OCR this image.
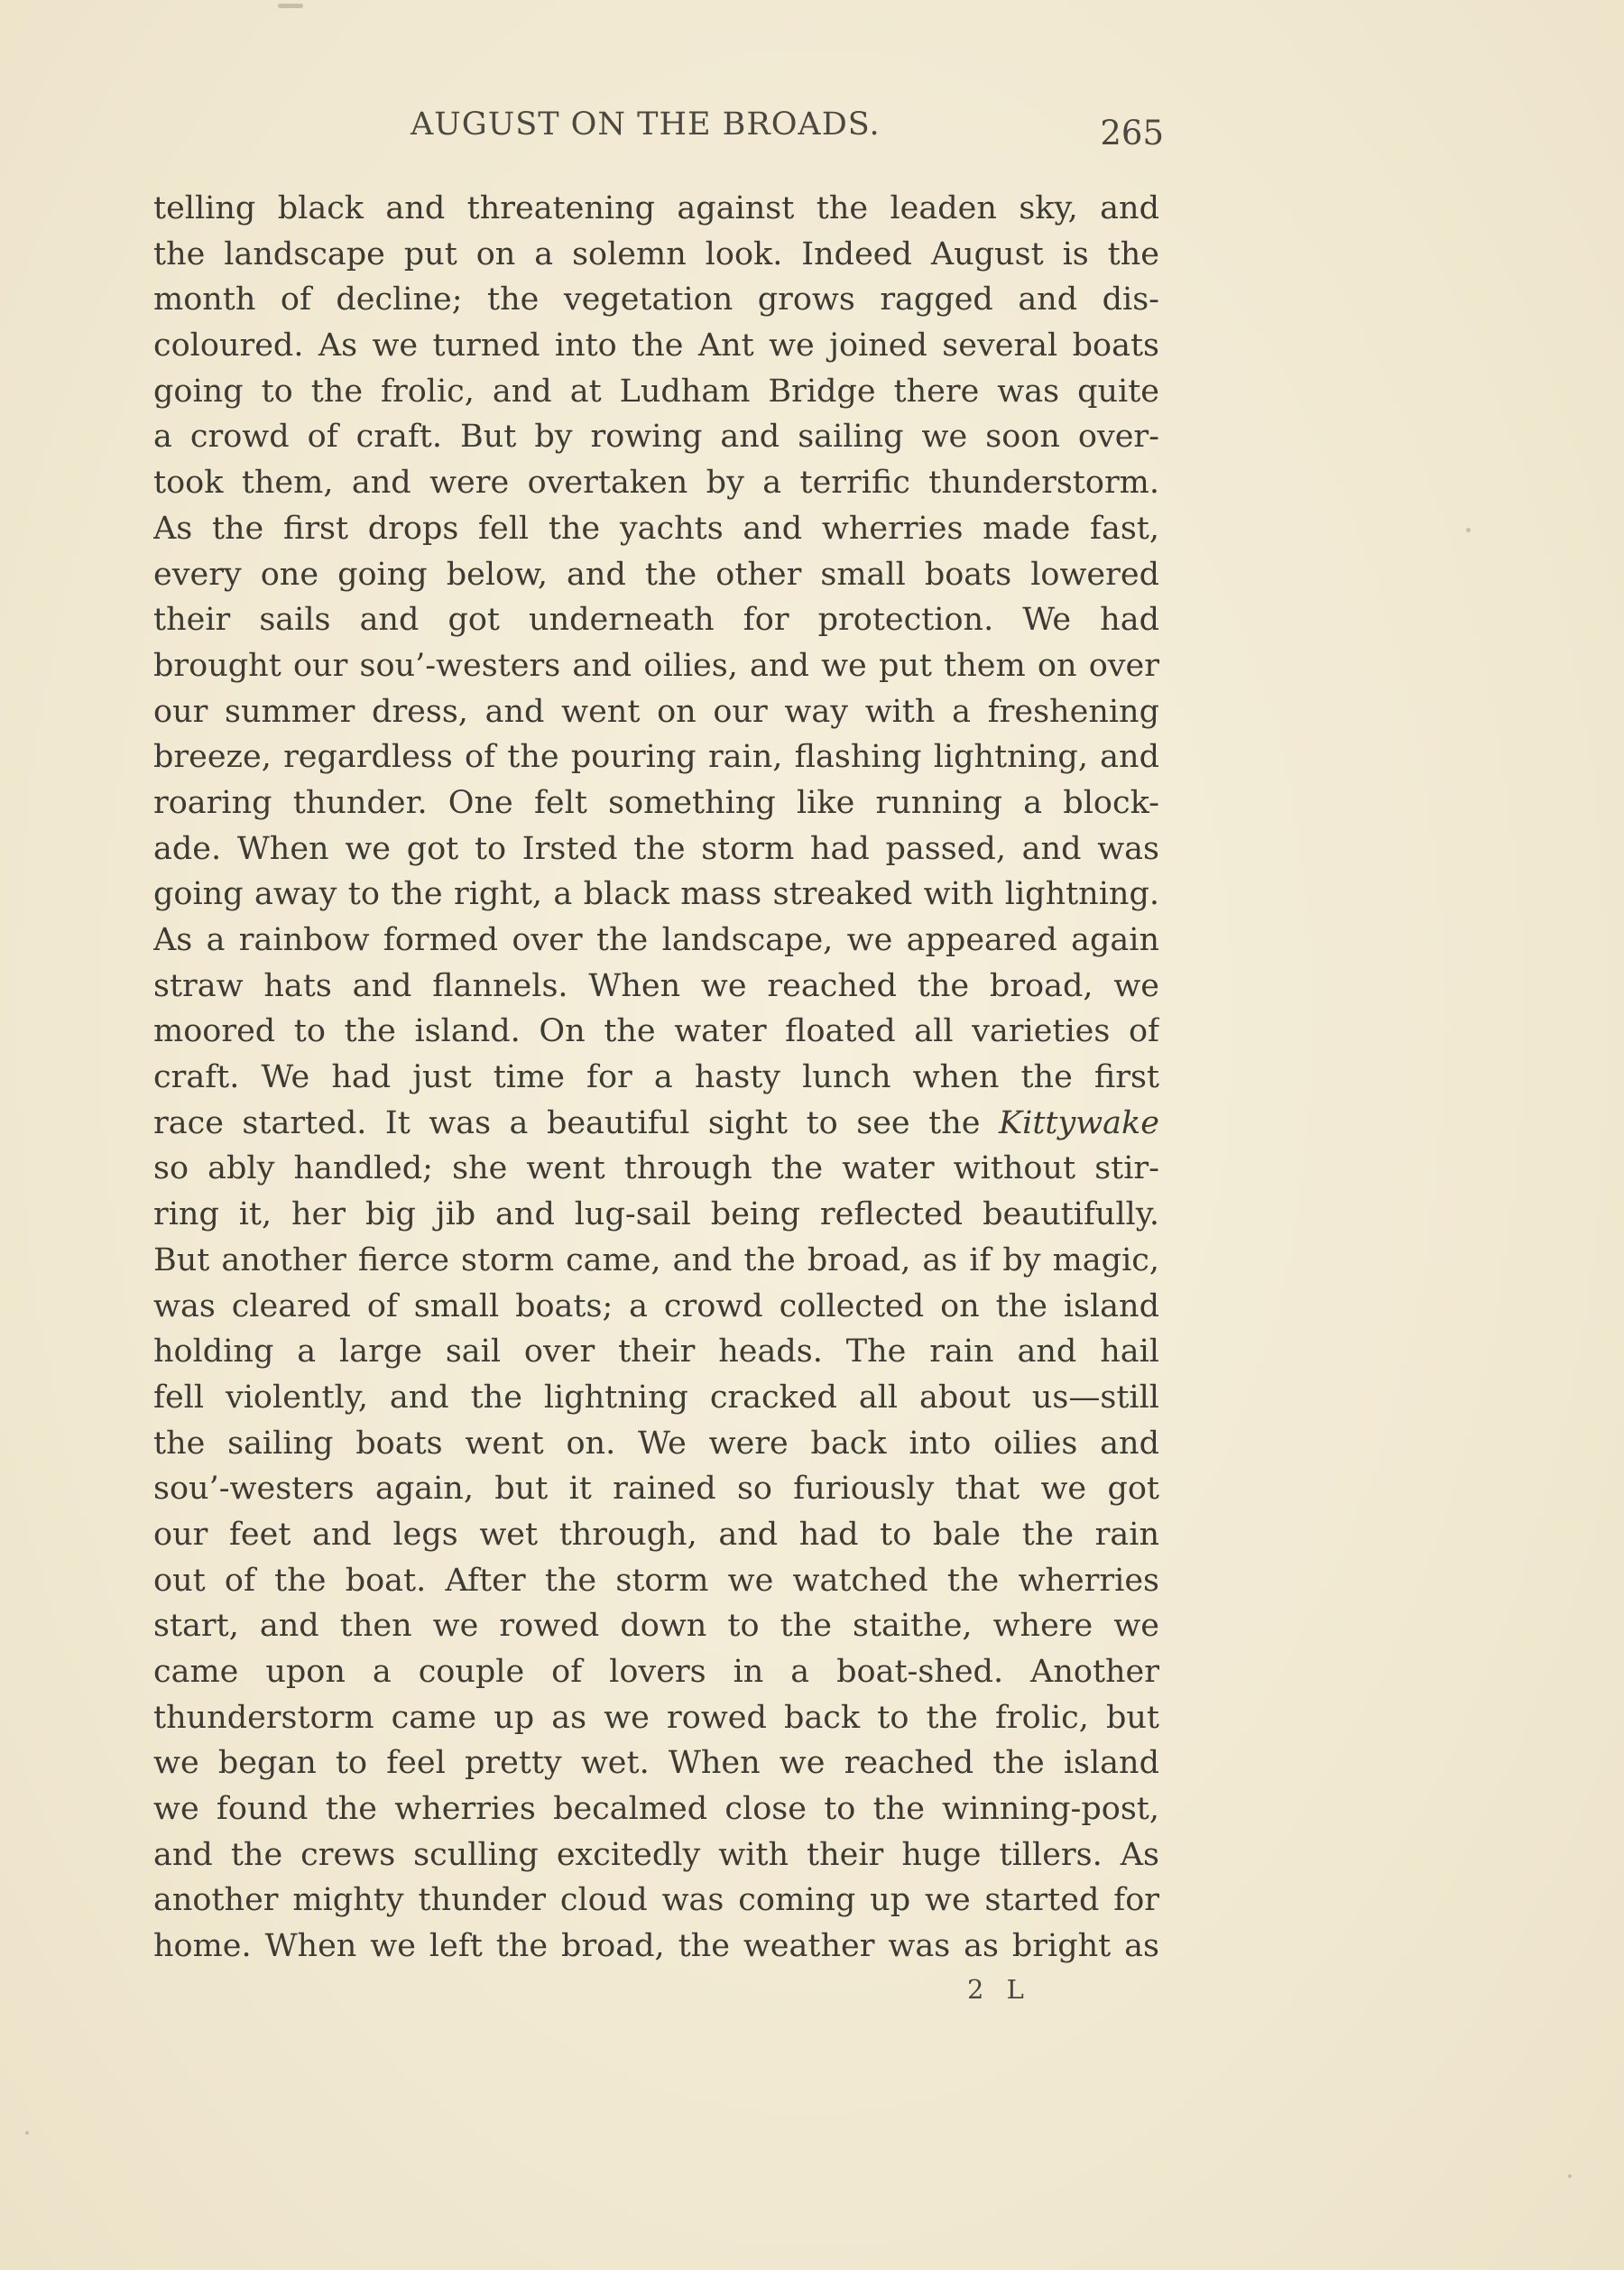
AUGUST ON THE BROADS.	265
telling black and threatening against the leaden sky, and
the landscape put on a solemn look. Indeed August is the
month of decline; the vegetation grows ragged and dis-
coloured. As we turned into the Ant we joined several boats
going to the frolic, and at Ludham Bridge there was quite
a crowd of craft. But by rowing and sailing we soon over-
took them, and were overtaken by a terrific thunderstorm.
As the first drops fell the yachts and wherries made fast,
every one going below, and the other small boats lowered
their sails and got underneath for protection. We had
brought our sou’-westers and oilies, and we put them on over
our summer dress, and went on our way with a freshening
breeze, regardless of the pouring rain, flashing lightning, and
roaring thunder. One felt something like running a block-
ade. When we got to Irsted the storm had passed, and was
going away to the right, a black mass streaked with lightning.
As a rainbow formed over the landscape, we appeared again
straw hats and flannels. When we reached the broad, we
moored to the island. On the water floated all varieties of
craft. We had just time for a hasty lunch when the first
race started. It was a beautiful sight to see the Kittywake
so ably handled; she went through the water without stir-
ring it, her big jib and lug-sail being reflected beautifully.
But another fierce storm came, and the broad, as if by magic,
was cleared of small boats; a crowd collected on the island
holding a large sail over their heads. The rain and hail
fell violently, and the lightning cracked all about us—still
the sailing boats went on. We were back into oilies and
sou’-westers again, but it rained so furiously that we got
our feet and legs wet through, and had to bale the rain
out of the boat. After the storm we watched the wherries
start, and then we rowed down to the staithe, where we
came upon a couple of lovers in a boat-shed. Another
thunderstorm came up as we rowed back to the frolic, but
we began to feel pretty wet. When we reached the island
we found the wherries becalmed close to the winning-post,
and the crews sculling excitedly with their huge tillers. As
another mighty thunder cloud was coming up we started for
home. When we left the broad, the weather was as bright as
2 L
